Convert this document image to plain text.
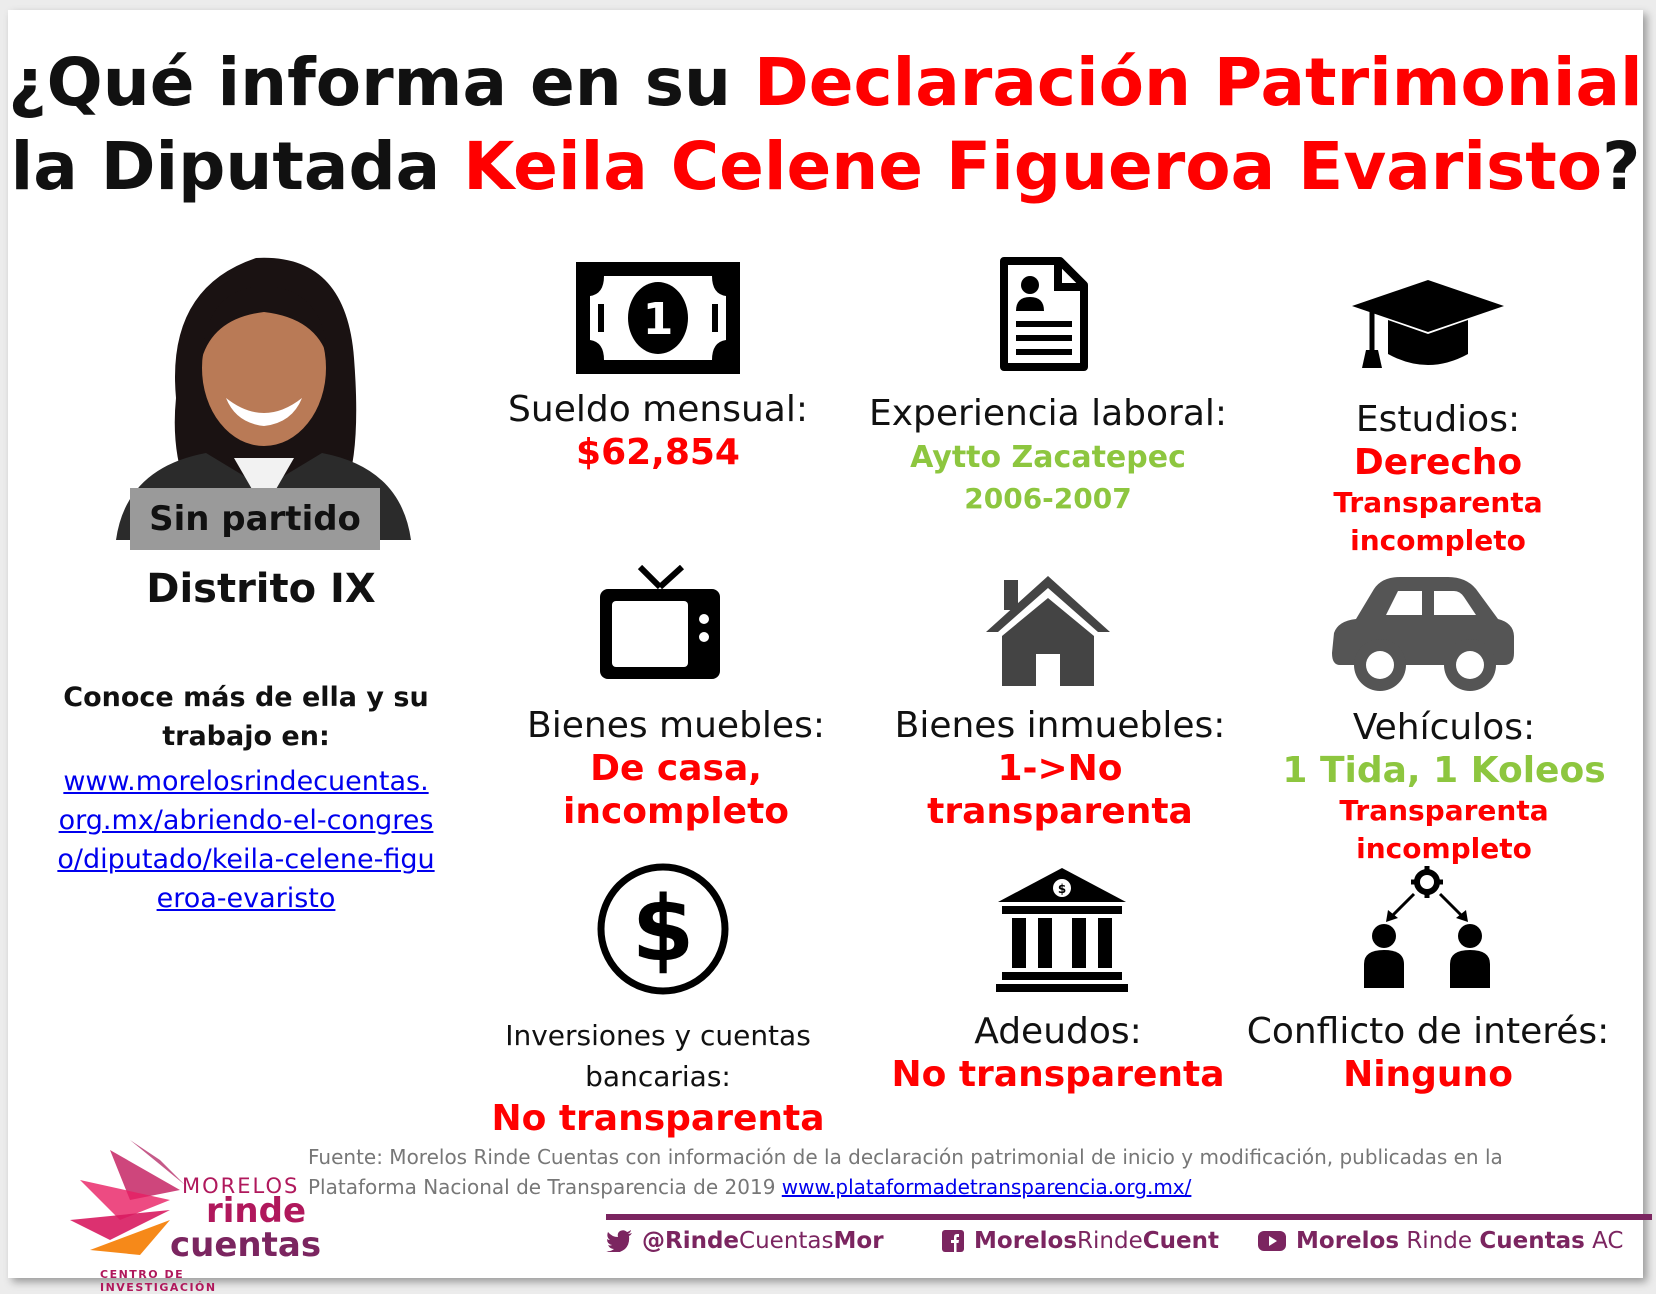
¿Qué informa en su Declaración Patrimonial
la Diputada Keila Celene Figueroa Evaristo?
Sin partido
Distrito IX
Conoce más de ella y su trabajo en:
www.morelosrindecuentas.org.mx/abriendo-el-congreso/diputado/keila-celene-figueroa-evaristo
1
Sueldo mensual:
$62,854
Experiencia laboral:
Aytto Zacatepec
2006-2007
Estudios:
Derecho
Transparenta incompleto
Bienes muebles:
De casa, incompleto
Bienes inmuebles:
1->No transparenta
Vehículos:
1 Tida, 1 Koleos
Transparenta incompleto
$
Inversiones y cuentas bancarias:
No transparenta
$
Adeudos:
No transparenta
Conflicto de interés:
Ninguno
MORELOS
rinde
cuentas
CENTRO DE INVESTIGACIÓN
Fuente: Morelos Rinde Cuentas con información de la declaración patrimonial de inicio y modificación, publicadas en la Plataforma Nacional de Transparencia de 2019 www.plataformadetransparencia.org.mx/
@RindeCuentasMor	MorelosRindeCuent	Morelos Rinde Cuentas AC
